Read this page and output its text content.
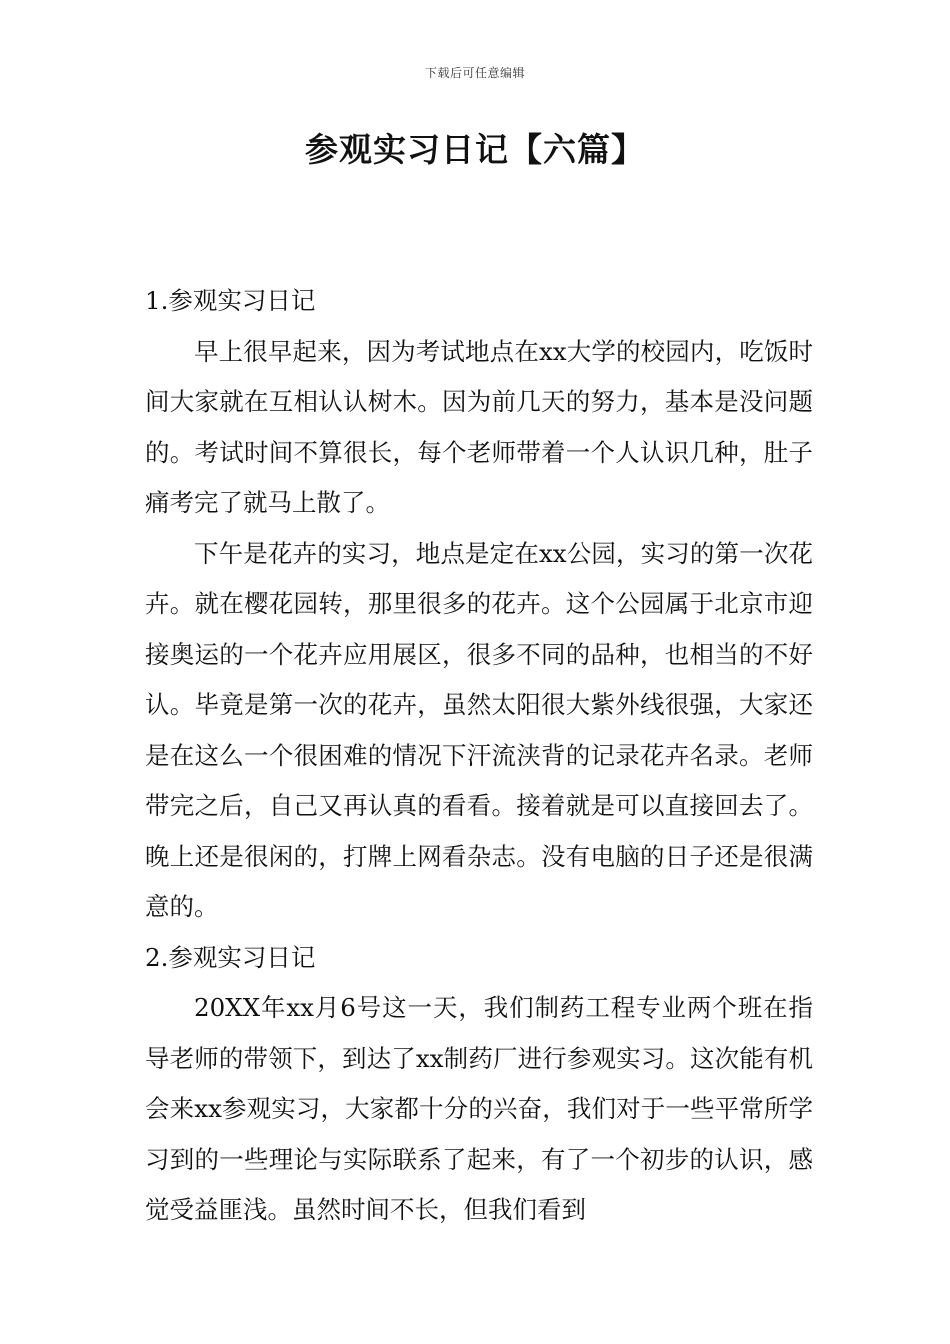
下载后可任意编辑
参观实习日记【六篇】

1.参观实习日记

早上很早起来，因为考试地点在xx大学的校园内，吃饭时间大家就在互相认认树木。因为前几天的努力，基本是没问题的。考试时间不算很长，每个老师带着一个人认识几种，肚子痛考完了就马上散了。

下午是花卉的实习，地点是定在xx公园，实习的第一次花卉。就在樱花园转，那里很多的花卉。这个公园属于北京市迎接奥运的一个花卉应用展区，很多不同的品种，也相当的不好认。毕竟是第一次的花卉，虽然太阳很大紫外线很强，大家还是在这么一个很困难的情况下汗流浃背的记录花卉名录。老师带完之后，自己又再认真的看看。接着就是可以直接回去了。晚上还是很闲的，打牌上网看杂志。没有电脑的日子还是很满意的。

2.参观实习日记

20XX年xx月6号这一天，我们制药工程专业两个班在指导老师的带领下，到达了xx制药厂进行参观实习。这次能有机会来xx参观实习，大家都十分的兴奋，我们对于一些平常所学习到的一些理论与实际联系了起来，有了一个初步的认识，感觉受益匪浅。虽然时间不长，但我们看到
